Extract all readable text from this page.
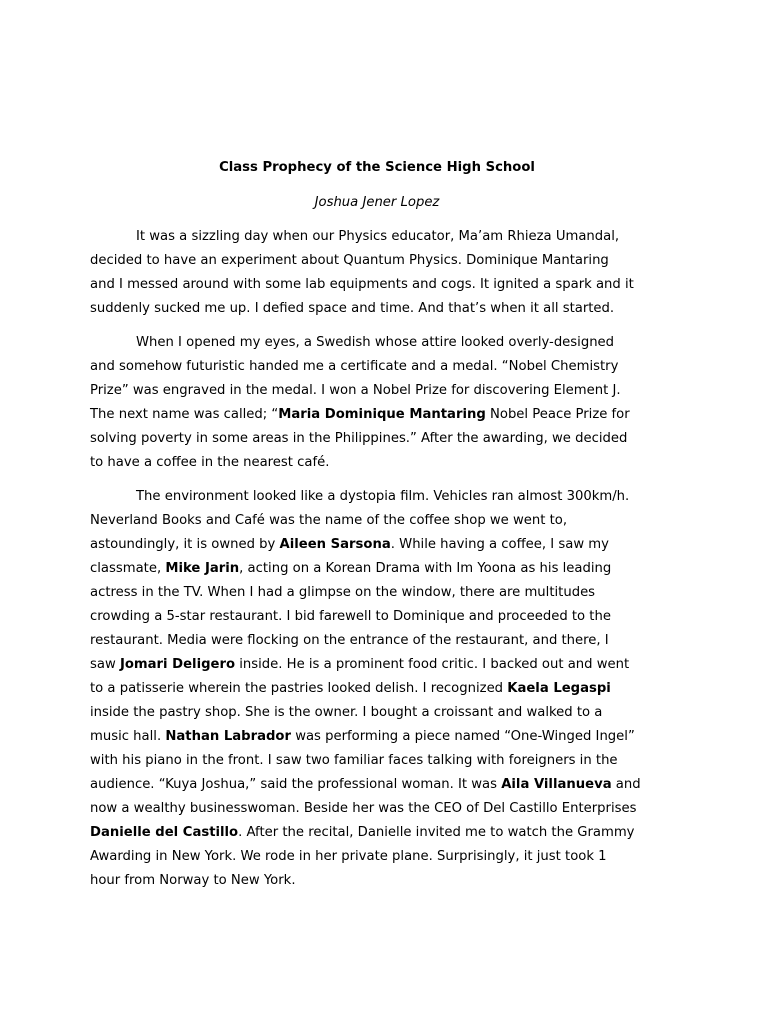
Class Prophecy of the Science High School
Joshua Jener Lopez
It was a sizzling day when our Physics educator, Ma’am Rhieza Umandal,
decided to have an experiment about Quantum Physics. Dominique Mantaring
and I messed around with some lab equipments and cogs. It ignited a spark and it
suddenly sucked me up. I defied space and time. And that’s when it all started.
When I opened my eyes, a Swedish whose attire looked overly-designed
and somehow futuristic handed me a certificate and a medal. “Nobel Chemistry
Prize” was engraved in the medal. I won a Nobel Prize for discovering Element J.
The next name was called; “Maria Dominique Mantaring Nobel Peace Prize for
solving poverty in some areas in the Philippines.” After the awarding, we decided
to have a coffee in the nearest café.
The environment looked like a dystopia film. Vehicles ran almost 300km/h.
Neverland Books and Café was the name of the coffee shop we went to,
astoundingly, it is owned by Aileen Sarsona. While having a coffee, I saw my
classmate, Mike Jarin, acting on a Korean Drama with Im Yoona as his leading
actress in the TV. When I had a glimpse on the window, there are multitudes
crowding a 5-star restaurant. I bid farewell to Dominique and proceeded to the
restaurant. Media were flocking on the entrance of the restaurant, and there, I
saw Jomari Deligero inside. He is a prominent food critic. I backed out and went
to a patisserie wherein the pastries looked delish. I recognized Kaela Legaspi
inside the pastry shop. She is the owner. I bought a croissant and walked to a
music hall. Nathan Labrador was performing a piece named “One-Winged Ingel”
with his piano in the front. I saw two familiar faces talking with foreigners in the
audience. “Kuya Joshua,” said the professional woman. It was Aila Villanueva and
now a wealthy businesswoman. Beside her was the CEO of Del Castillo Enterprises
Danielle del Castillo. After the recital, Danielle invited me to watch the Grammy
Awarding in New York. We rode in her private plane. Surprisingly, it just took 1
hour from Norway to New York.
